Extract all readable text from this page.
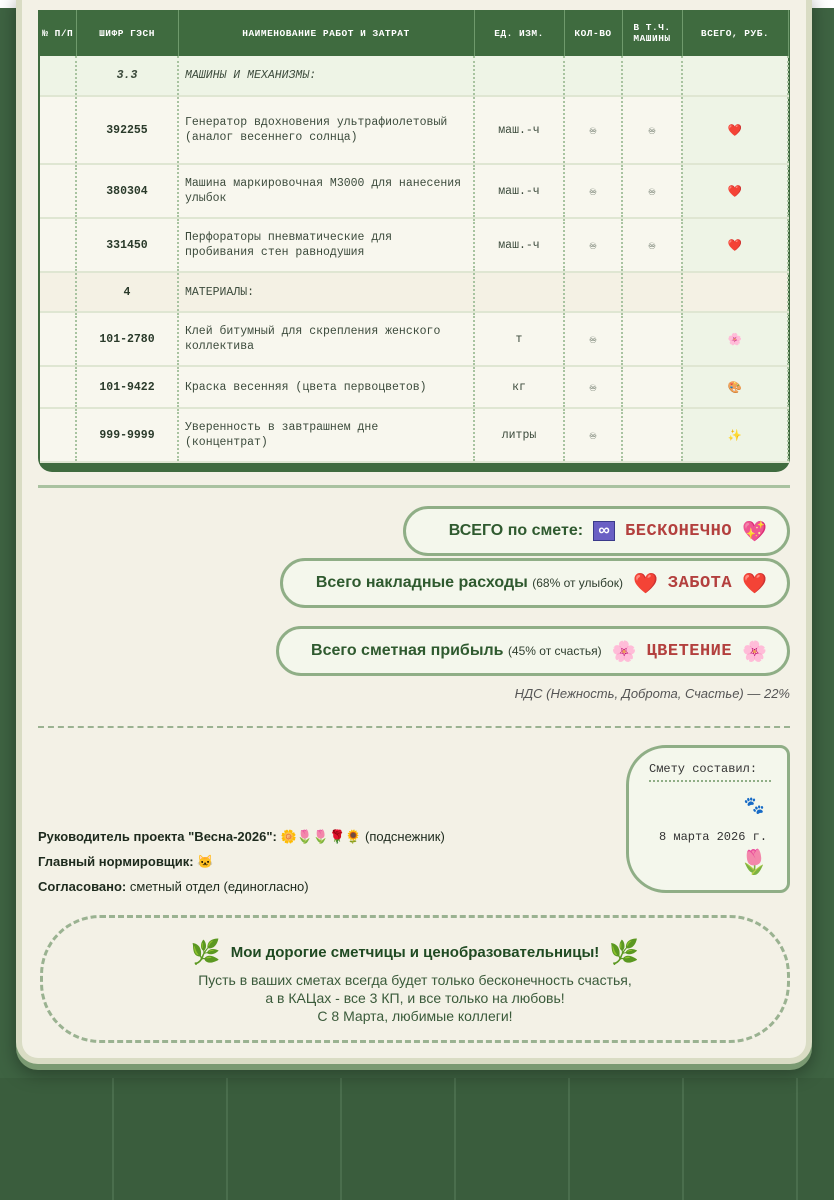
№ П/П	ШИФР ГЭСН	НАИМЕНОВАНИЕ РАБОТ И ЗАТРАТ	ЕД. ИЗМ.	КОЛ-ВО	В Т.Ч. МАШИНЫ	ВСЕГО, РУБ.
	3.3	МАШИНЫ И МЕХАНИЗМЫ:				
	392255	Генератор вдохновения ультрафиолетовый (аналог весеннего солнца)	маш.-ч	♾	♾	❤️
	380304	Машина маркировочная М3000 для нанесения улыбок	маш.-ч	♾	♾	❤️
	331450	Перфораторы пневматические для пробивания стен равнодушия	маш.-ч	♾	♾	❤️
	4	МАТЕРИАЛЫ:				
	101-2780	Клей битумный для скрепления женского коллектива	т	♾		🌸
	101-9422	Краска весенняя (цвета первоцветов)	кг	♾		🎨
	999-9999	Уверенность в завтрашнем дне (концентрат)	литры	♾		✨
ВСЕГО по смете: ∞ БЕСКОНЕЧНО 💖
Всего накладные расходы (68% от улыбок) ❤️ ЗАБОТА ❤️
Всего сметная прибыль (45% от счастья) 🌸 ЦВЕТЕНИЕ 🌸
НДС (Нежность, Доброта, Счастье) — 22%
Руководитель проекта "Весна-2026": 🌼🌷🌷🌹🌻 (подснежник)
Главный нормировщик: 🐱
Согласовано: сметный отдел (единогласно)
Смету составил:
🐾
8 марта 2026 г.
🌷
🌿 Мои дорогие сметчицы и ценобразовательницы! 🌿
Пусть в ваших сметах всегда будет только бесконечность счастья,
а в КАЦах - все 3 КП, и все только на любовь!
С 8 Марта, любимые коллеги!
